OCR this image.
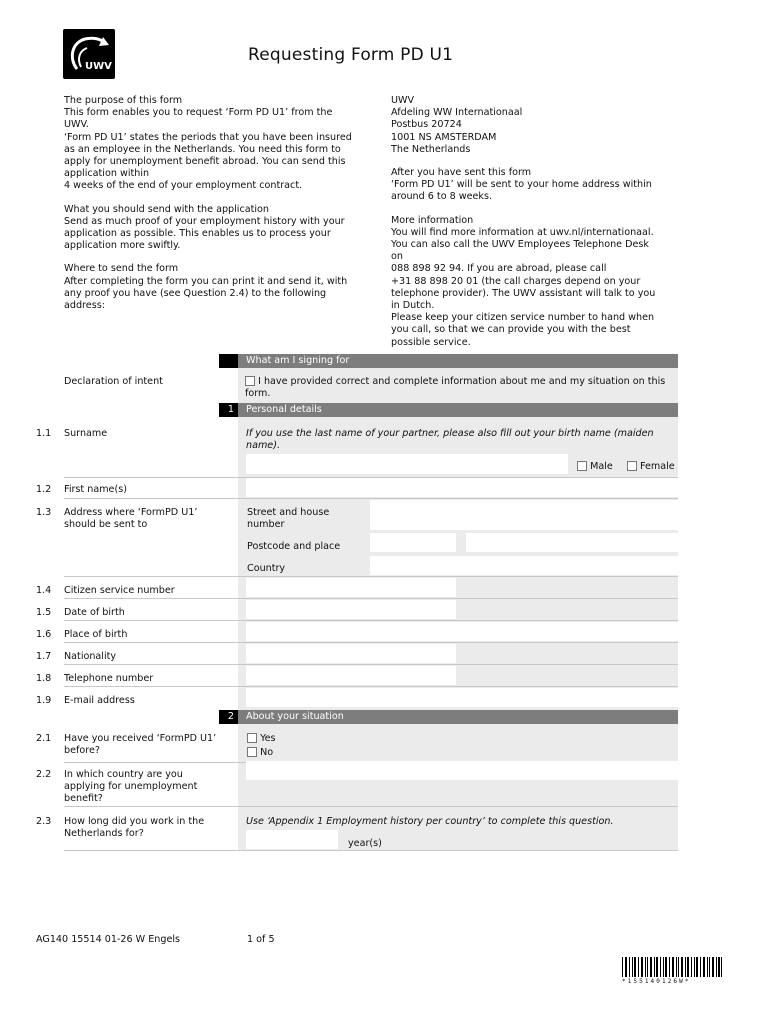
UWV
Requesting Form PD U1

The purpose of this form

This form enables you to request ‘Form PD U1’ from the
UWV.
‘Form PD U1’ states the periods that you have been insured
as an employee in the Netherlands. You need this form to
apply for unemployment benefit abroad. You can send this
application within
4 weeks of the end of your employment contract.

What you should send with the application

Send as much proof of your employment history with your
application as possible. This enables us to process your
application more swiftly.

Where to send the form

After completing the form you can print it and send it, with
any proof you have (see Question 2.4) to the following
address:

UWV
Afdeling WW Internationaal
Postbus 20724
1001 NS AMSTERDAM
The Netherlands

After you have sent this form

‘Form PD U1’ will be sent to your home address within
around 6 to 8 weeks.

More information

You will find more information at uwv.nl/internationaal.
You can also call the UWV Employees Telephone Desk
on
088 898 92 94. If you are abroad, please call
+31 88 898 20 01 (the call charges depend on your
telephone provider). The UWV assistant will talk to you
in Dutch.
Please keep your citizen service number to hand when
you call, so that we can provide you with the best
possible service.

What am I signing for
Declaration of intent	I have provided correct and complete information about me and my situation on this form.
1	Personal details
1.1 Surname	If you use the last name of your partner, please also fill out your birth name (maiden name).
Male	Female
1.2 First name(s)
1.3 Address where ‘FormPD U1’
should be sent to
Street and house
number
Postcode and place
Country
1.4 Citizen service number
1.5 Date of birth
1.6 Place of birth
1.7 Nationality
1.8 Telephone number
1.9 E-mail address
2	About your situation
2.1 Have you received ‘FormPD U1’
before?
Yes
No
2.2 In which country are you
applying for unemployment
benefit?
2.3 How long did you work in the
Netherlands for?
Use ‘Appendix 1 Employment history per country’ to complete this question.
year(s)
AG140 15514 01-26 W Engels	1 of 5
*155140126W*
